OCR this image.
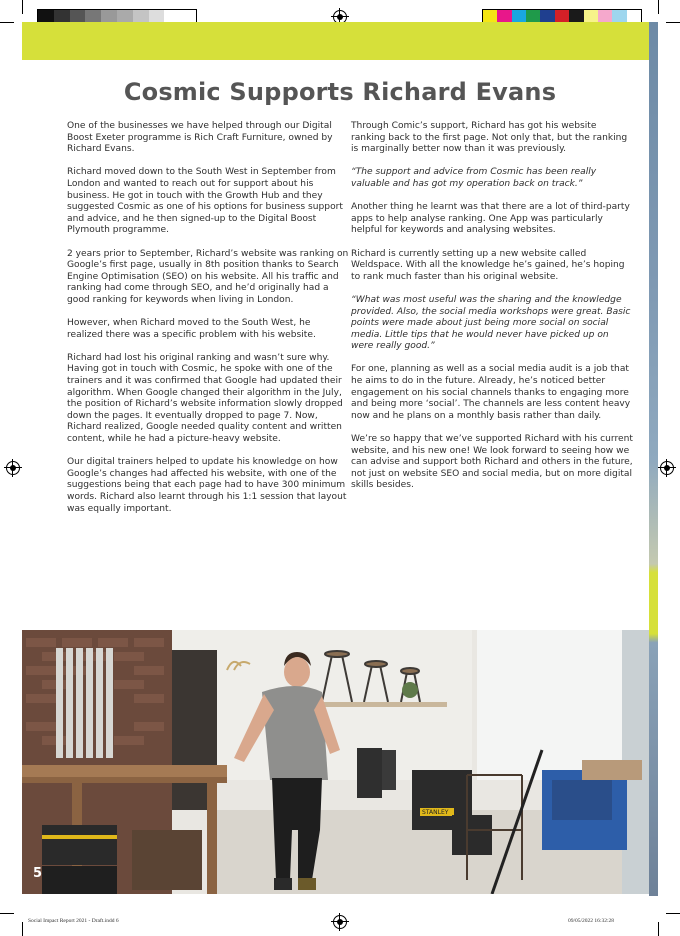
Cosmic Supports Richard Evans

One of the businesses we have helped through our Digital Boost Exeter programme is Rich Craft Furniture, owned by Richard Evans.

Richard moved down to the South West in September from London and wanted to reach out for support about his business. He got in touch with the Growth Hub and they suggested Cosmic as one of his options for business support and advice, and he then signed-up to the Digital Boost Plymouth programme.

2 years prior to September, Richard’s website was ranking on Google’s first page, usually in 8th position thanks to Search Engine Optimisation (SEO) on his website. All his traffic and ranking had come through SEO, and he’d originally had a good ranking for keywords when living in London.

However, when Richard moved to the South West, he realized there was a specific problem with his website.

Richard had lost his original ranking and wasn’t sure why. Having got in touch with Cosmic, he spoke with one of the trainers and it was confirmed that Google had updated their algorithm. When Google changed their algorithm in the July, the position of Richard’s website information slowly dropped down the pages. It eventually dropped to page 7. Now, Richard realized, Google needed quality content and written content, while he had a picture-heavy website.

Our digital trainers helped to update his knowledge on how Google’s changes had affected his website, with one of the suggestions being that each page had to have 300 minimum words. Richard also learnt through his 1:1 session that layout was equally important.

Through Comic’s support, Richard has got his website ranking back to the first page. Not only that, but the ranking is marginally better now than it was previously.

“The support and advice from Cosmic has been really valuable and has got my operation back on track.”

Another thing he learnt was that there are a lot of third-party apps to help analyse ranking. One App was particularly helpful for keywords and analysing websites.

Richard is currently setting up a new website called Weldspace. With all the knowledge he’s gained, he’s hoping to rank much faster than his original website.

“What was most useful was the sharing and the knowledge provided. Also, the social media workshops were great. Basic points were made about just being more social on social media. Little tips that he would never have picked up on were really good.”

For one, planning as well as a social media audit is a job that he aims to do in the future. Already, he’s noticed better engagement on his social channels thanks to engaging more and being more ‘social’. The channels are less content heavy now and he plans on a monthly basis rather than daily.

We’re so happy that we’ve supported Richard with his current website, and his new one! We look forward to seeing how we can advise and support both Richard and others in the future, not just on website SEO and social media, but on more digital skills besides.

STANLEY
5
Social Impact Report 2021 - Draft.indd 6	09/05/2022 16:32:28
